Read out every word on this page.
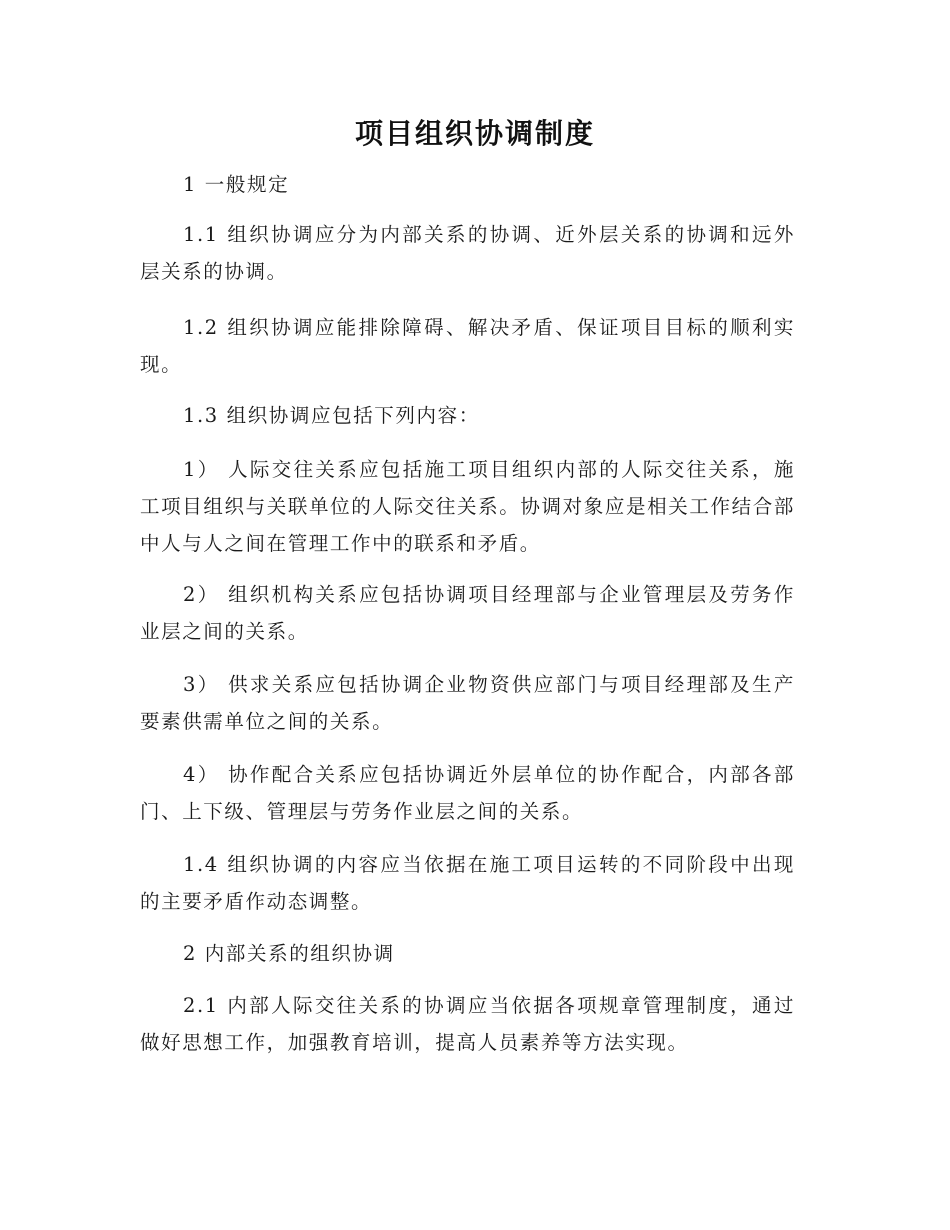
项目组织协调制度

1 一般规定

1.1 组织协调应分为内部关系的协调、近外层关系的协调和远外层关系的协调。

1.2 组织协调应能排除障碍、解决矛盾、保证项目目标的顺利实现。

1.3 组织协调应包括下列内容：

1） 人际交往关系应包括施工项目组织内部的人际交往关系，施工项目组织与关联单位的人际交往关系。协调对象应是相关工作结合部中人与人之间在管理工作中的联系和矛盾。

2） 组织机构关系应包括协调项目经理部与企业管理层及劳务作业层之间的关系。

3） 供求关系应包括协调企业物资供应部门与项目经理部及生产要素供需单位之间的关系。

4） 协作配合关系应包括协调近外层单位的协作配合，内部各部门、上下级、管理层与劳务作业层之间的关系。

1.4 组织协调的内容应当依据在施工项目运转的不同阶段中出现的主要矛盾作动态调整。

2 内部关系的组织协调

2.1 内部人际交往关系的协调应当依据各项规章管理制度，通过做好思想工作，加强教育培训，提高人员素养等方法实现。
